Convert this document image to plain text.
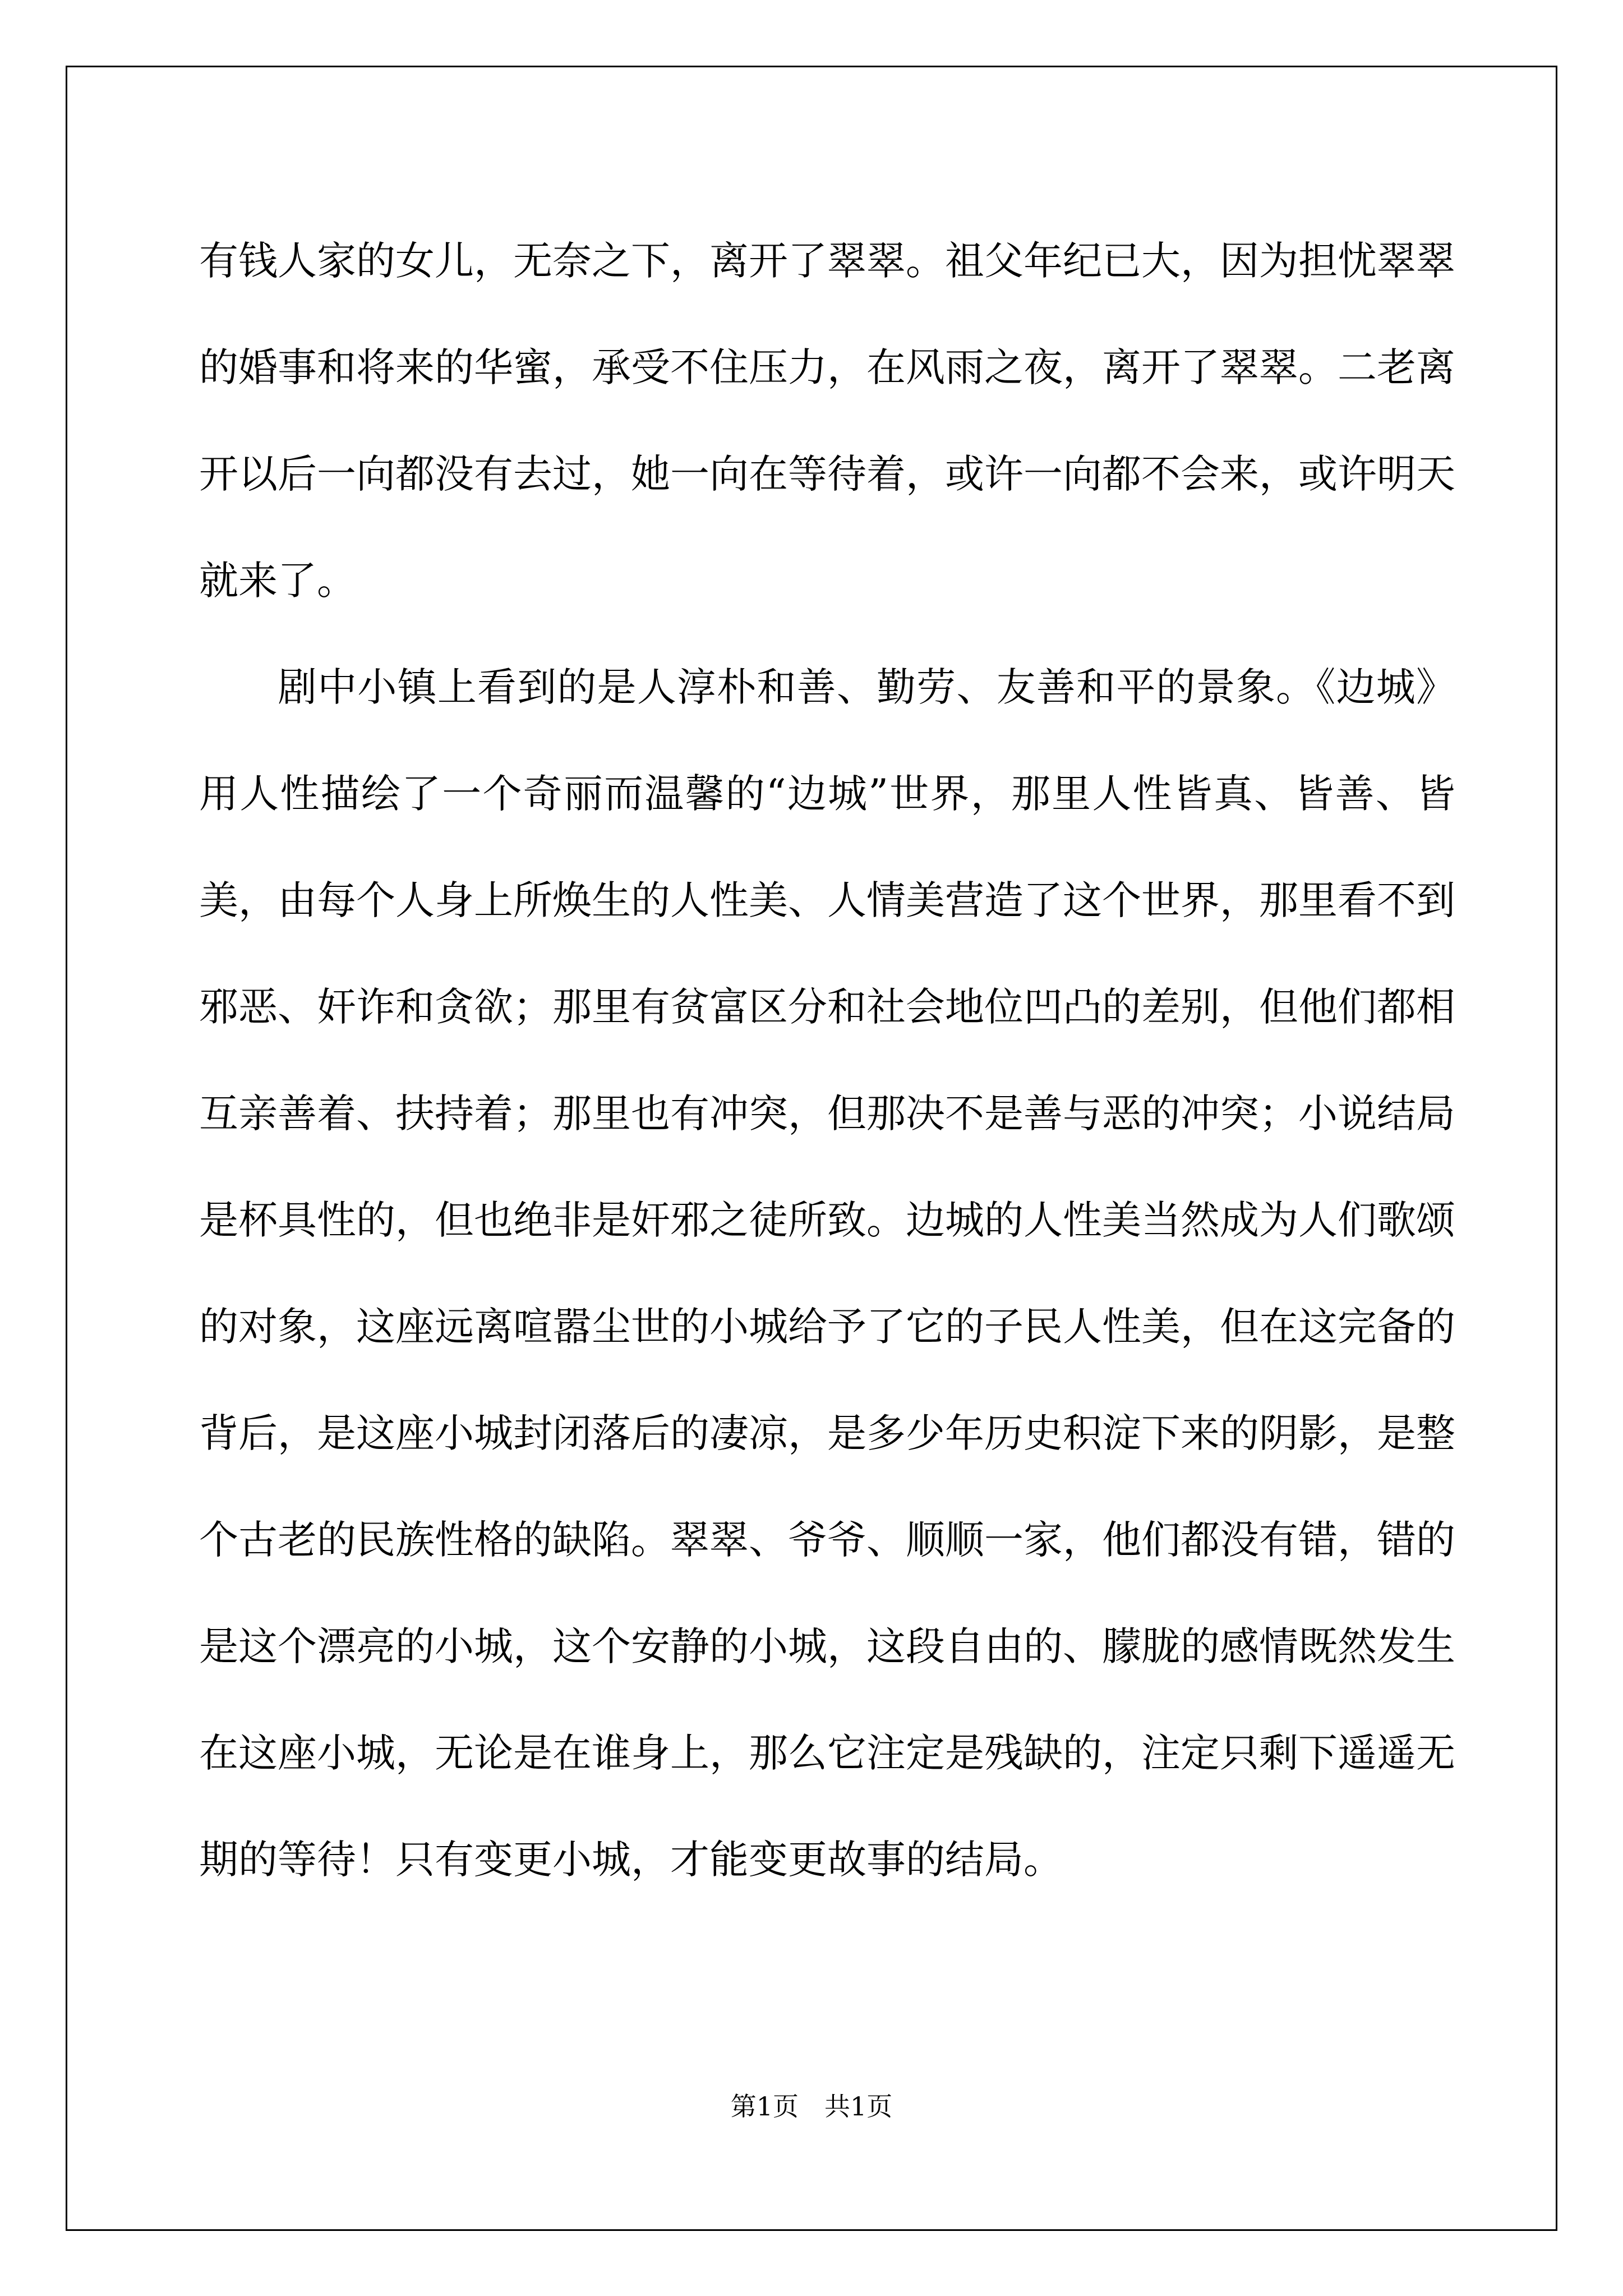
有钱人家的女儿，无奈之下，离开了翠翠。祖父年纪已大，因为担忧翠翠的婚事和将来的华蜜，承受不住压力，在风雨之夜，离开了翠翠。二老离开以后一向都没有去过，她一向在等待着，或许一向都不会来，或许明天就来了。

剧中小镇上看到的是人淳朴和善、勤劳、友善和平的景象。《边城》用人性描绘了一个奇丽而温馨的“边城”世界，那里人性皆真、皆善、皆美，由每个人身上所焕生的人性美、人情美营造了这个世界，那里看不到邪恶、奸诈和贪欲；那里有贫富区分和社会地位凹凸的差别，但他们都相互亲善着、扶持着；那里也有冲突，但那决不是善与恶的冲突；小说结局是杯具性的，但也绝非是奸邪之徒所致。边城的人性美当然成为人们歌颂的对象，这座远离喧嚣尘世的小城给予了它的子民人性美，但在这完备的背后，是这座小城封闭落后的凄凉，是多少年历史积淀下来的阴影，是整个古老的民族性格的缺陷。翠翠、爷爷、顺顺一家，他们都没有错，错的是这个漂亮的小城，这个安静的小城，这段自由的、朦胧的感情既然发生在这座小城，无论是在谁身上，那么它注定是残缺的，注定只剩下遥遥无期的等待！只有变更小城，才能变更故事的结局。

第1页　共1页
